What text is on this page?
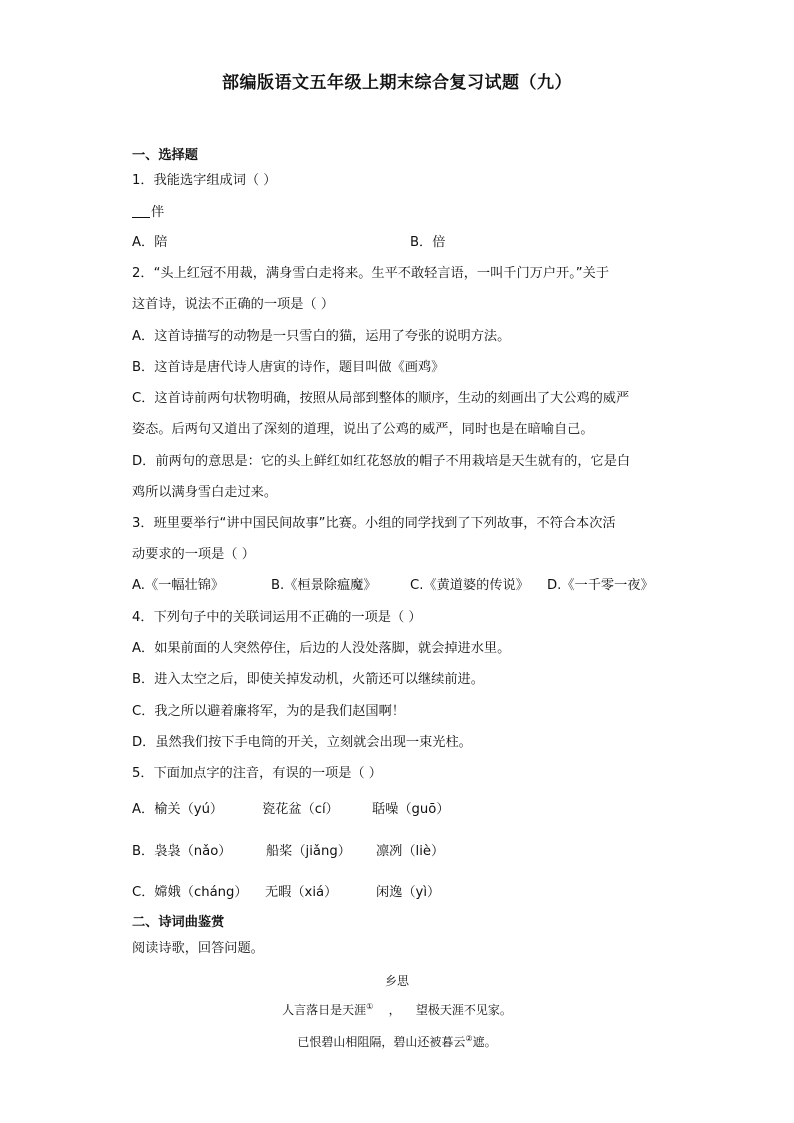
部编版语文五年级上期末综合复习试题（九）
一、选择题
1．我能选字组成词（ ）
伴
A．陪	B．倍
2．“头上红冠不用裁，满身雪白走将来。生平不敢轻言语，一叫千门万户开。”关于
这首诗，说法不正确的一项是（ ）
A．这首诗描写的动物是一只雪白的猫，运用了夸张的说明方法。
B．这首诗是唐代诗人唐寅的诗作，题目叫做《画鸡》
C．这首诗前两句状物明确，按照从局部到整体的顺序，生动的刻画出了大公鸡的威严
姿态。后两句又道出了深刻的道理，说出了公鸡的威严，同时也是在暗喻自己。
D．前两句的意思是：它的头上鲜红如红花怒放的帽子不用栽培是天生就有的，它是白
鸡所以满身雪白走过来。
3．班里要举行“讲中国民间故事”比赛。小组的同学找到了下列故事，不符合本次活
动要求的一项是（ ）
A.《一幅壮锦》	B.《桓景除瘟魔》	C.《黄道婆的传说》 D.《一千零一夜》
4．下列句子中的关联词运用不正确的一项是（ ）
A．如果前面的人突然停住，后边的人没处落脚，就会掉进水里。
B．进入太空之后，即使关掉发动机，火箭还可以继续前进。
C．我之所以避着廉将军，为的是我们赵国啊！
D．虽然我们按下手电筒的开关，立刻就会出现一束光柱。
5．下面加点字的注音，有误的一项是（ ）
A．榆关（yú）	瓷花盆（cí）	聒噪（guō）
B．袅袅（nǎo）	船桨（jiǎng） 凛冽（liè）
C．嫦娥（cháng） 无暇（xiá）	闲逸（yì）
二、诗词曲鉴赏
阅读诗歌，回答问题。
乡思
人言落日是天涯①    ，    望极天涯不见家。
已恨碧山相阻隔，碧山还被暮云②遮。
